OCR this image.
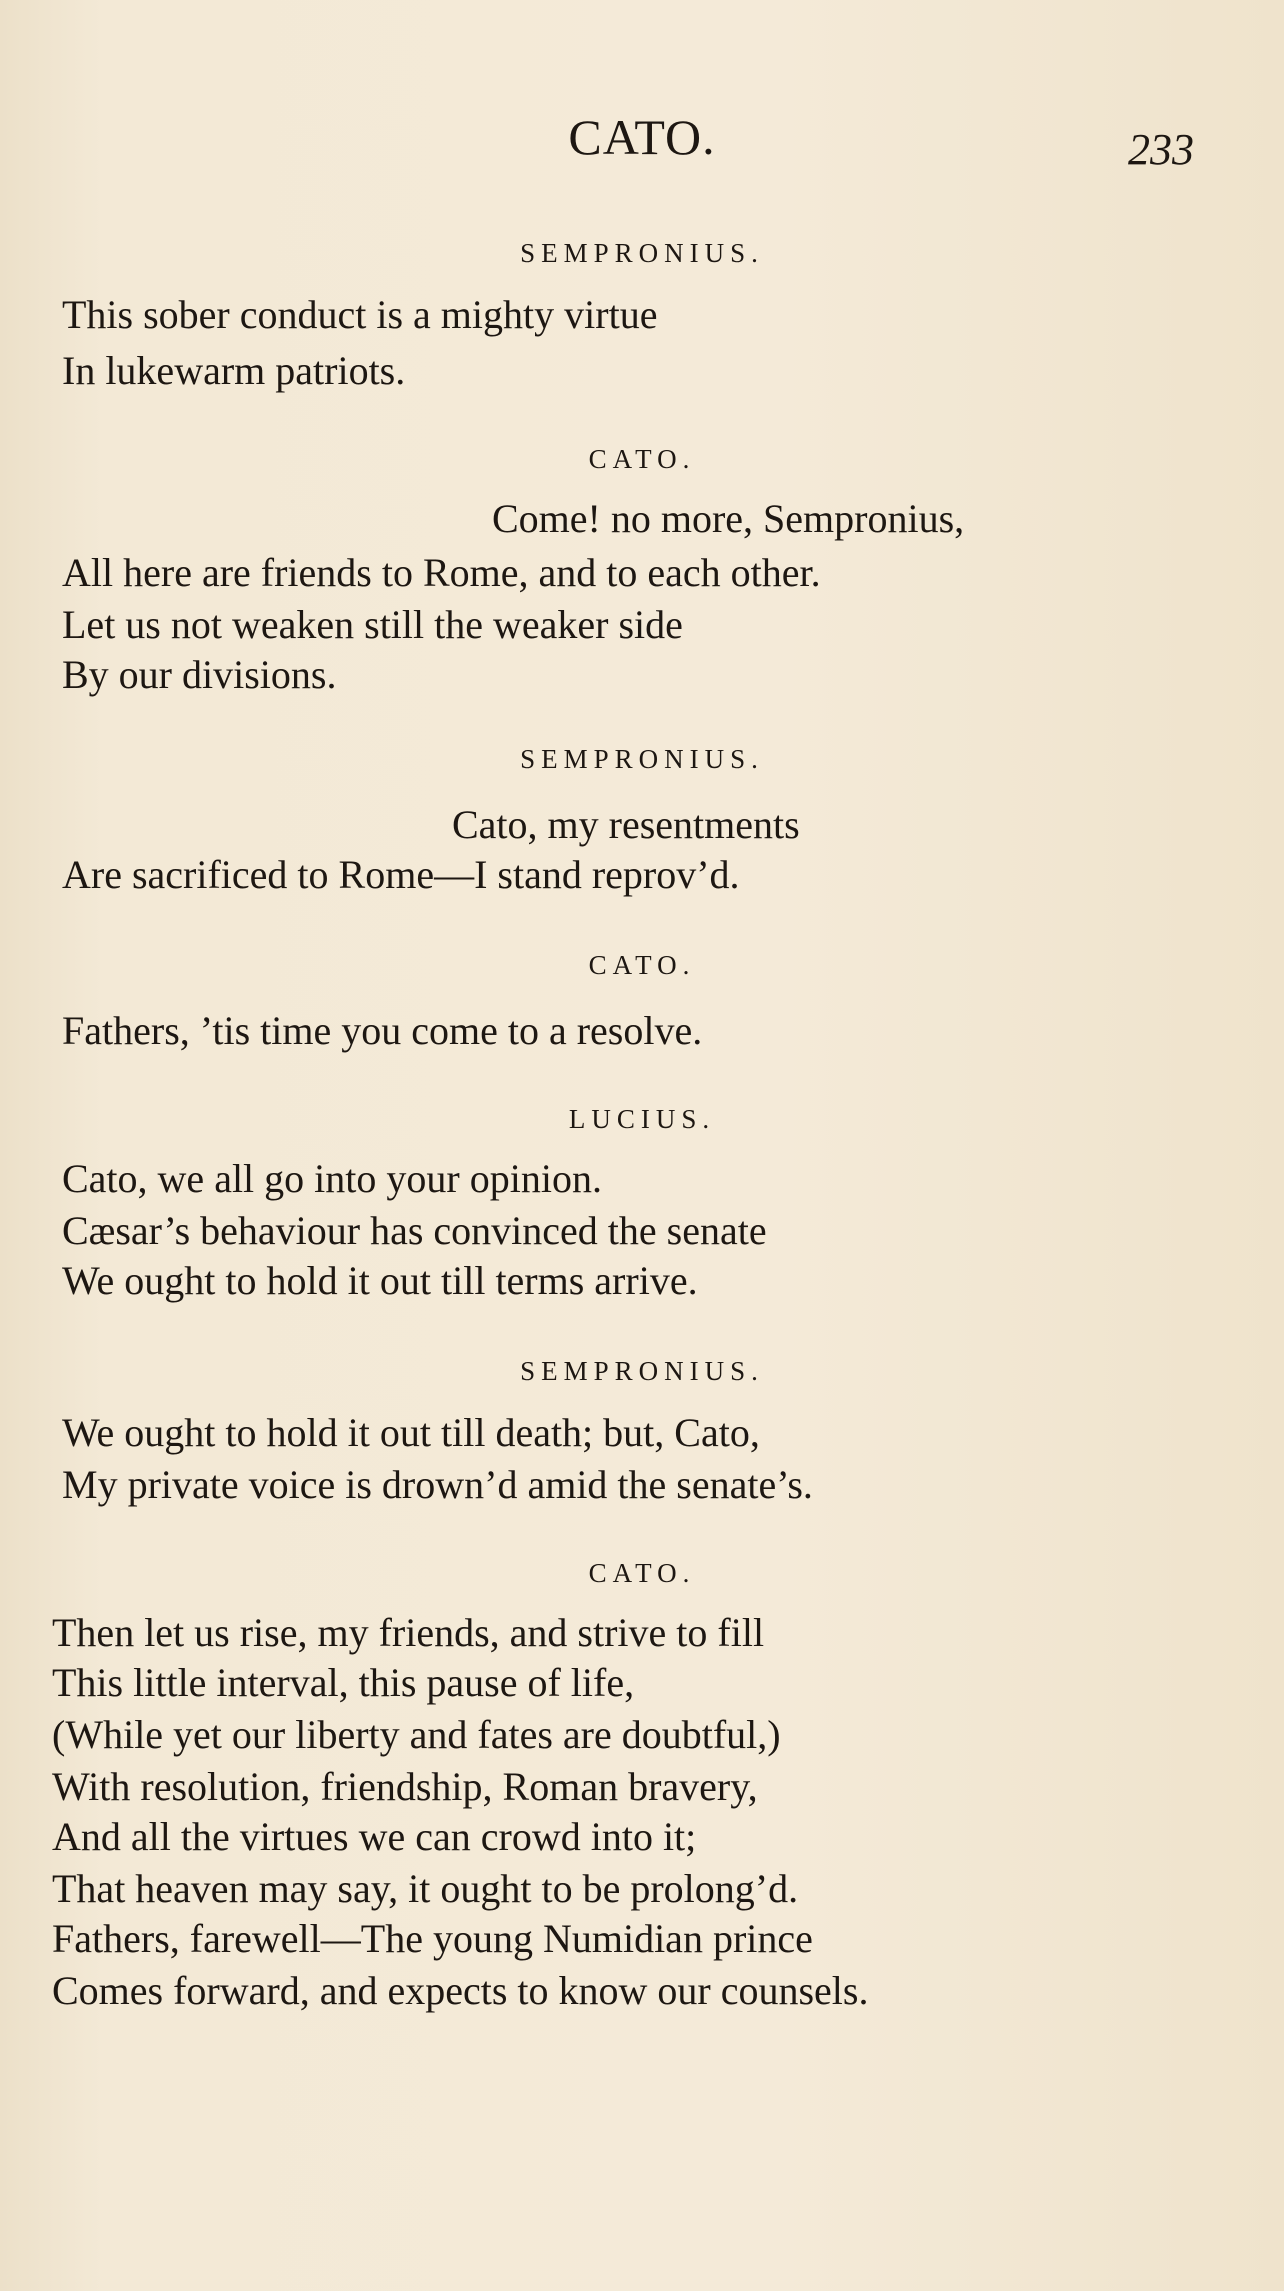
CATO.	233
SEMPRONIUS.
This sober conduct is a mighty virtue
In lukewarm patriots.
CATO.
Come! no more, Sempronius,
All here are friends to Rome, and to each other.
Let us not weaken still the weaker side
By our divisions.
SEMPRONIUS.
Cato, my resentments
Are sacrificed to Rome—I stand reprov’d.
CATO.
Fathers, ’tis time you come to a resolve.
LUCIUS.
Cato, we all go into your opinion.
Cæsar’s behaviour has convinced the senate
We ought to hold it out till terms arrive.
SEMPRONIUS.
We ought to hold it out till death; but, Cato,
My private voice is drown’d amid the senate’s.
CATO.
Then let us rise, my friends, and strive to fill
This little interval, this pause of life,
(While yet our liberty and fates are doubtful,)
With resolution, friendship, Roman bravery,
And all the virtues we can crowd into it;
That heaven may say, it ought to be prolong’d.
Fathers, farewell—The young Numidian prince
Comes forward, and expects to know our counsels.
